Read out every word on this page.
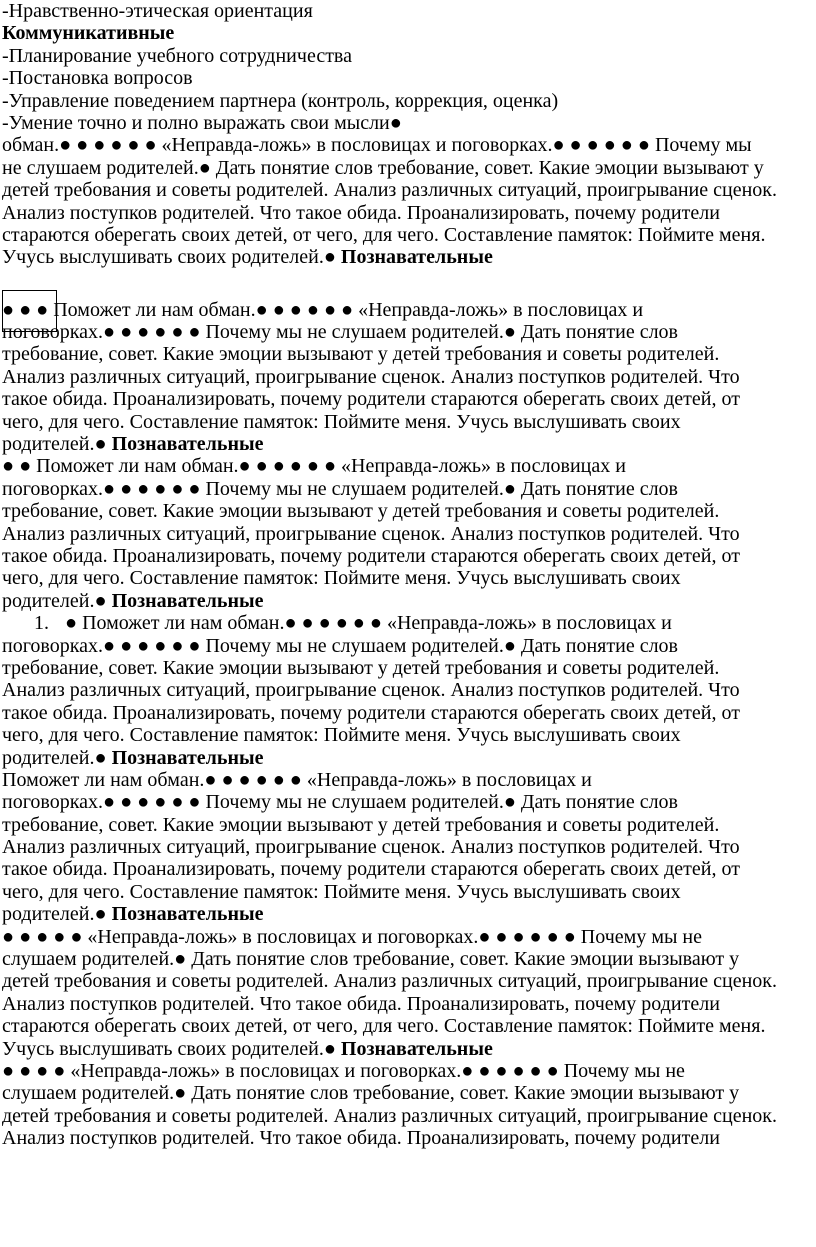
-Нравственно-этическая ориентация
Коммуникативные
-Планирование учебного сотрудничества
-Постановка вопросов
-Управление поведением партнера (контроль, коррекция, оценка)
-Умение точно и полно выражать свои мысли●
обман.● ● ● ● ● ● «Неправда-ложь» в пословицах и поговорках.● ● ● ● ● ● Почему мы
не слушаем родителей.● Дать понятие слов требование, совет. Какие эмоции вызывают у
детей требования и советы родителей. Анализ различных ситуаций, проигрывание сценок.
Анализ поступков родителей. Что такое обида. Проанализировать, почему родители
стараются оберегать своих детей, от чего, для чего. Составление памяток: Поймите меня.
Учусь выслушивать своих родителей.● Познавательные
● ● ● Поможет ли нам обман.● ● ● ● ● ● «Неправда-ложь» в пословицах и
поговорках.● ● ● ● ● ● Почему мы не слушаем родителей.● Дать понятие слов
требование, совет. Какие эмоции вызывают у детей требования и советы родителей.
Анализ различных ситуаций, проигрывание сценок. Анализ поступков родителей. Что
такое обида. Проанализировать, почему родители стараются оберегать своих детей, от
чего, для чего. Составление памяток: Поймите меня. Учусь выслушивать своих
родителей.● Познавательные
● ● Поможет ли нам обман.● ● ● ● ● ● «Неправда-ложь» в пословицах и
поговорках.● ● ● ● ● ● Почему мы не слушаем родителей.● Дать понятие слов
требование, совет. Какие эмоции вызывают у детей требования и советы родителей.
Анализ различных ситуаций, проигрывание сценок. Анализ поступков родителей. Что
такое обида. Проанализировать, почему родители стараются оберегать своих детей, от
чего, для чего. Составление памяток: Поймите меня. Учусь выслушивать своих
родителей.● Познавательные
1. ● Поможет ли нам обман.● ● ● ● ● ● «Неправда-ложь» в пословицах и
поговорках.● ● ● ● ● ● Почему мы не слушаем родителей.● Дать понятие слов
требование, совет. Какие эмоции вызывают у детей требования и советы родителей.
Анализ различных ситуаций, проигрывание сценок. Анализ поступков родителей. Что
такое обида. Проанализировать, почему родители стараются оберегать своих детей, от
чего, для чего. Составление памяток: Поймите меня. Учусь выслушивать своих
родителей.● Познавательные
Поможет ли нам обман.● ● ● ● ● ● «Неправда-ложь» в пословицах и
поговорках.● ● ● ● ● ● Почему мы не слушаем родителей.● Дать понятие слов
требование, совет. Какие эмоции вызывают у детей требования и советы родителей.
Анализ различных ситуаций, проигрывание сценок. Анализ поступков родителей. Что
такое обида. Проанализировать, почему родители стараются оберегать своих детей, от
чего, для чего. Составление памяток: Поймите меня. Учусь выслушивать своих
родителей.● Познавательные
● ● ● ● ● «Неправда-ложь» в пословицах и поговорках.● ● ● ● ● ● Почему мы не
слушаем родителей.● Дать понятие слов требование, совет. Какие эмоции вызывают у
детей требования и советы родителей. Анализ различных ситуаций, проигрывание сценок.
Анализ поступков родителей. Что такое обида. Проанализировать, почему родители
стараются оберегать своих детей, от чего, для чего. Составление памяток: Поймите меня.
Учусь выслушивать своих родителей.● Познавательные
● ● ● ● «Неправда-ложь» в пословицах и поговорках.● ● ● ● ● ● Почему мы не
слушаем родителей.● Дать понятие слов требование, совет. Какие эмоции вызывают у
детей требования и советы родителей. Анализ различных ситуаций, проигрывание сценок.
Анализ поступков родителей. Что такое обида. Проанализировать, почему родители
